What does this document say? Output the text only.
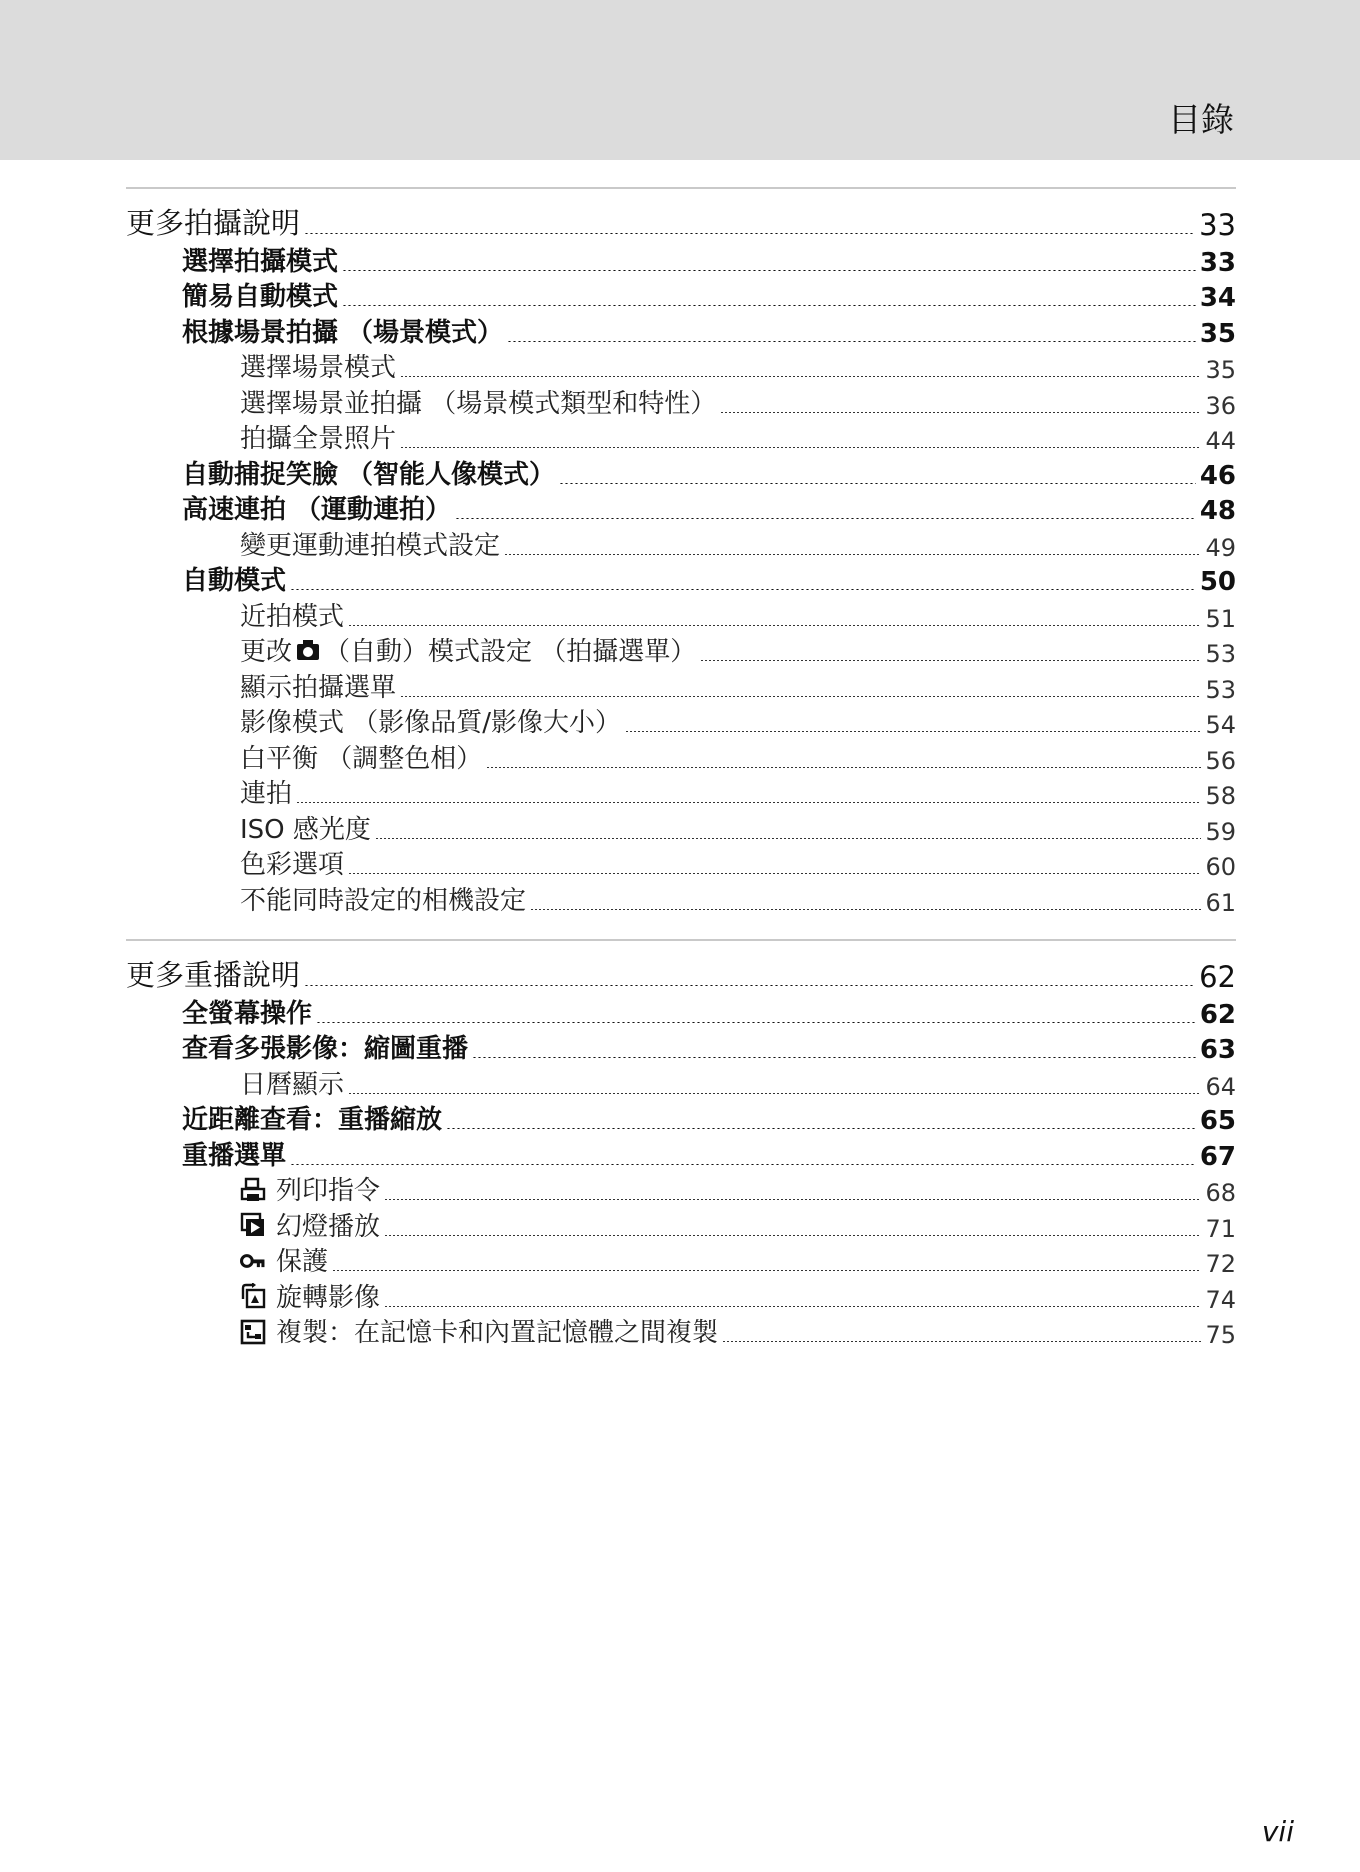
目錄
更多拍攝說明	33
選擇拍攝模式	33
簡易自動模式	34
根據場景拍攝 （場景模式）	35
選擇場景模式	35
選擇場景並拍攝 （場景模式類型和特性）	36
拍攝全景照片	44
自動捕捉笑臉 （智能人像模式）	46
高速連拍 （運動連拍）	48
變更運動連拍模式設定	49
自動模式	50
近拍模式	51
更改 （自動）模式設定 （拍攝選單）	53
顯示拍攝選單	53
影像模式 （影像品質/影像大小）	54
白平衡 （調整色相）	56
連拍	58
ISO 感光度	59
色彩選項	60
不能同時設定的相機設定	61
更多重播說明	62
全螢幕操作	62
查看多張影像：縮圖重播	63
日曆顯示	64
近距離查看：重播縮放	65
重播選單	67
列印指令	68
幻燈播放	71
保護	72
旋轉影像	74
複製：在記憶卡和內置記憶體之間複製	75
vii
